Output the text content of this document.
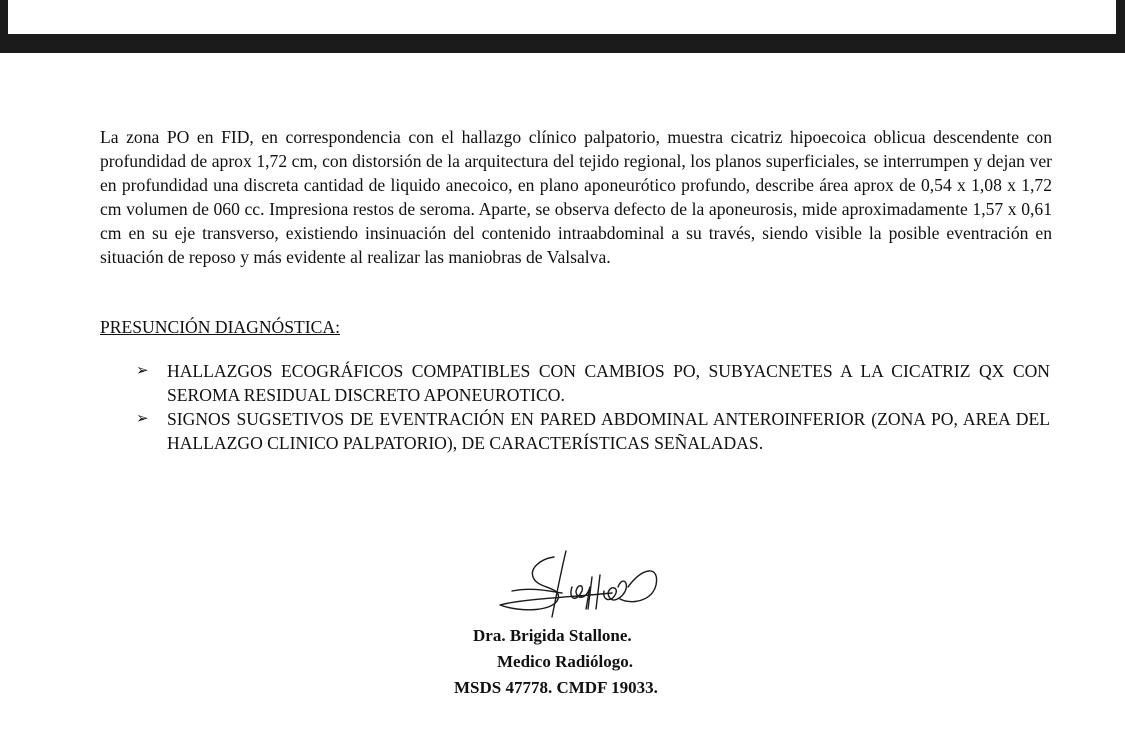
La zona PO en FID, en correspondencia con el hallazgo clínico palpatorio, muestra cicatriz hipoecoica oblicua descendente con profundidad de aprox 1,72 cm, con distorsión de la arquitectura del tejido regional, los planos superficiales, se interrumpen y dejan ver en profundidad una discreta cantidad de liquido anecoico, en plano aponeurótico profundo, describe área aprox de 0,54 x 1,08 x 1,72 cm volumen de 060 cc. Impresiona restos de seroma. Aparte, se observa defecto de la aponeurosis, mide aproximadamente 1,57 x 0,61 cm en su eje transverso, existiendo insinuación del contenido intraabdominal a su través, siendo visible la posible eventración en situación de reposo y más evidente al realizar las maniobras de Valsalva.

PRESUNCIÓN DIAGNÓSTICA:
➢ HALLAZGOS ECOGRÁFICOS COMPATIBLES CON CAMBIOS PO, SUBYACNETES A LA CICATRIZ QX CON SEROMA RESIDUAL DISCRETO APONEUROTICO.
➢ SIGNOS SUGSETIVOS DE EVENTRACIÓN EN PARED ABDOMINAL ANTEROINFERIOR (ZONA PO, AREA DEL HALLAZGO CLINICO PALPATORIO), DE CARACTERÍSTICAS SEÑALADAS.
Dra. Brigida Stallone.
Medico Radiólogo.
MSDS 47778. CMDF 19033.
